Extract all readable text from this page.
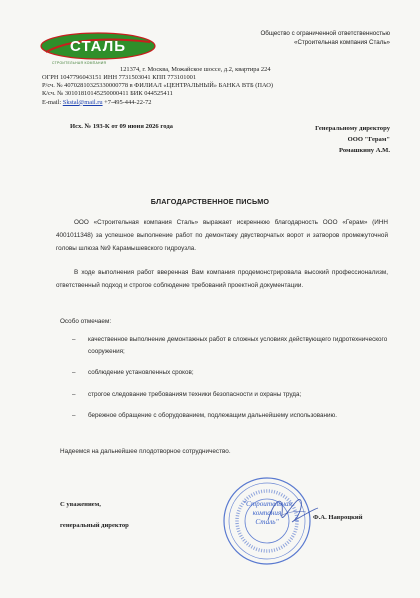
СТАЛЬ
СТРОИТЕЛЬНАЯ КОМПАНИЯ
Общество с ограниченной ответственностью
«Строительная компания Сталь»
121374, г. Москва, Можайское шоссе, д.2, квартира 224
ОГРН 1047796043151 ИНН 7731503041 КПП 773101001
Р/сч. № 40702810325330000778 в ФИЛИАЛ «ЦЕНТРАЛЬНЫЙ» БАНКА ВТБ (ПАО)
К/сч. № 30101810145250000411 БИК 044525411
E-mail: Skstal@mail.ru +7-495-444-22-72
Исх. № 193-К от 09 июня 2026 года	Генеральному директору
ООО "Герам"
Ромашкину А.М.
БЛАГОДАРСТВЕННОЕ ПИСЬМО
ООО «Строительная компания Сталь» выражает искреннюю благодарность ООО «Герам» (ИНН 4001011348) за успешное выполнение работ по демонтажу двустворчатых ворот и затворов промежуточной головы шлюза №9 Карамышевского гидроузла.
В ходе выполнения работ вверенная Вам компания продемонстрировала высокий профессионализм, ответственный подход и строгое соблюдение требований проектной документации.
Особо отмечаем:
– качественное выполнение демонтажных работ в сложных условиях действующего гидротехнического сооружения;
– соблюдение установленных сроков;
– строгое следование требованиям техники безопасности и охраны труда;
– бережное обращение с оборудованием, подлежащим дальнейшему использованию.
Надеемся на дальнейшее плодотворное сотрудничество.
С уважением,
генеральный директор
"Строительная
компания
Сталь"
Ф.А. Навроцкий
